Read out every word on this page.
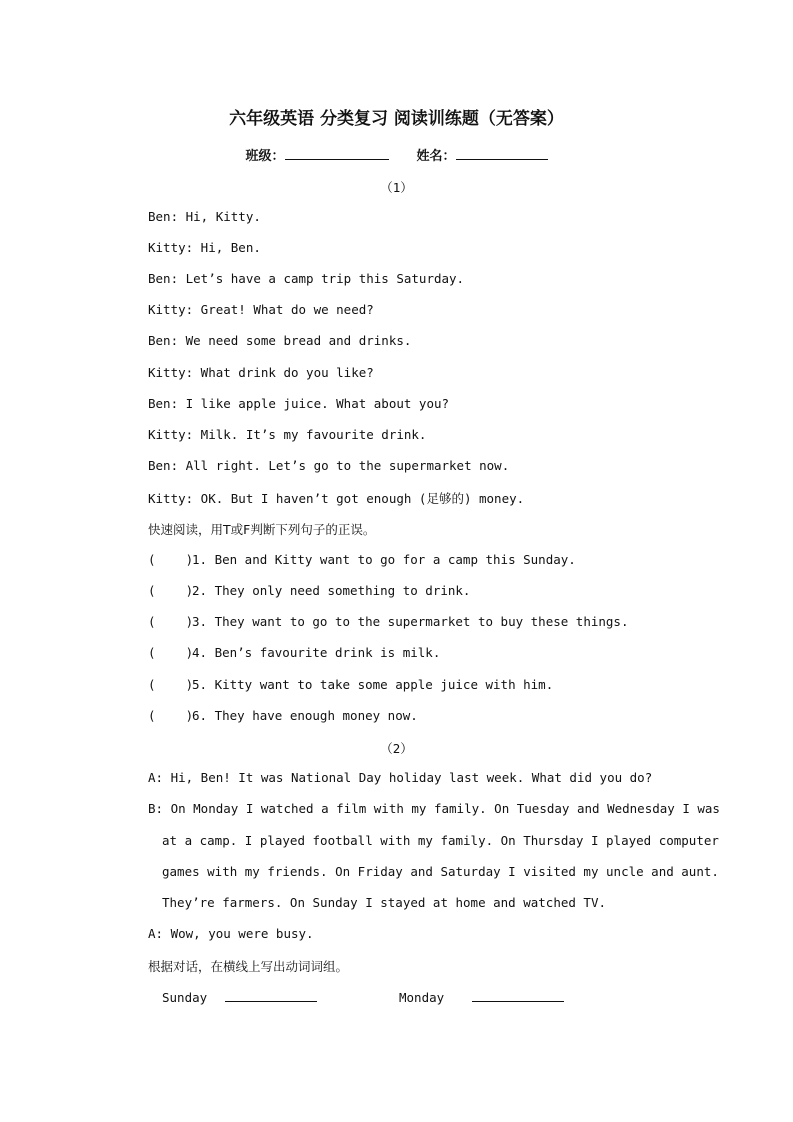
六年级英语 分类复习 阅读训练题（无答案）
班级：	姓名：
（1）
Ben: Hi, Kitty.
Kitty: Hi, Ben.
Ben: Let’s have a camp trip this Saturday.
Kitty: Great! What do we need?
Ben: We need some bread and drinks.
Kitty: What drink do you like?
Ben: I like apple juice. What about you?
Kitty: Milk. It’s my favourite drink.
Ben: All right. Let’s go to the supermarket now.
Kitty: OK. But I haven’t got enough (足够的) money.
快速阅读，用T或F判断下列句子的正误。
(    )1. Ben and Kitty want to go for a camp this Sunday.
(    )2. They only need something to drink.
(    )3. They want to go to the supermarket to buy these things.
(    )4. Ben’s favourite drink is milk.
(    )5. Kitty want to take some apple juice with him.
(    )6. They have enough money now.
（2）
A: Hi, Ben! It was National Day holiday last week. What did you do?
B: On Monday I watched a film with my family. On Tuesday and Wednesday I was
at a camp. I played football with my family. On Thursday I played computer
games with my friends. On Friday and Saturday I visited my uncle and aunt.
They’re farmers. On Sunday I stayed at home and watched TV.
A: Wow, you were busy.
根据对话，在横线上写出动词词组。
Sunday	Monday
